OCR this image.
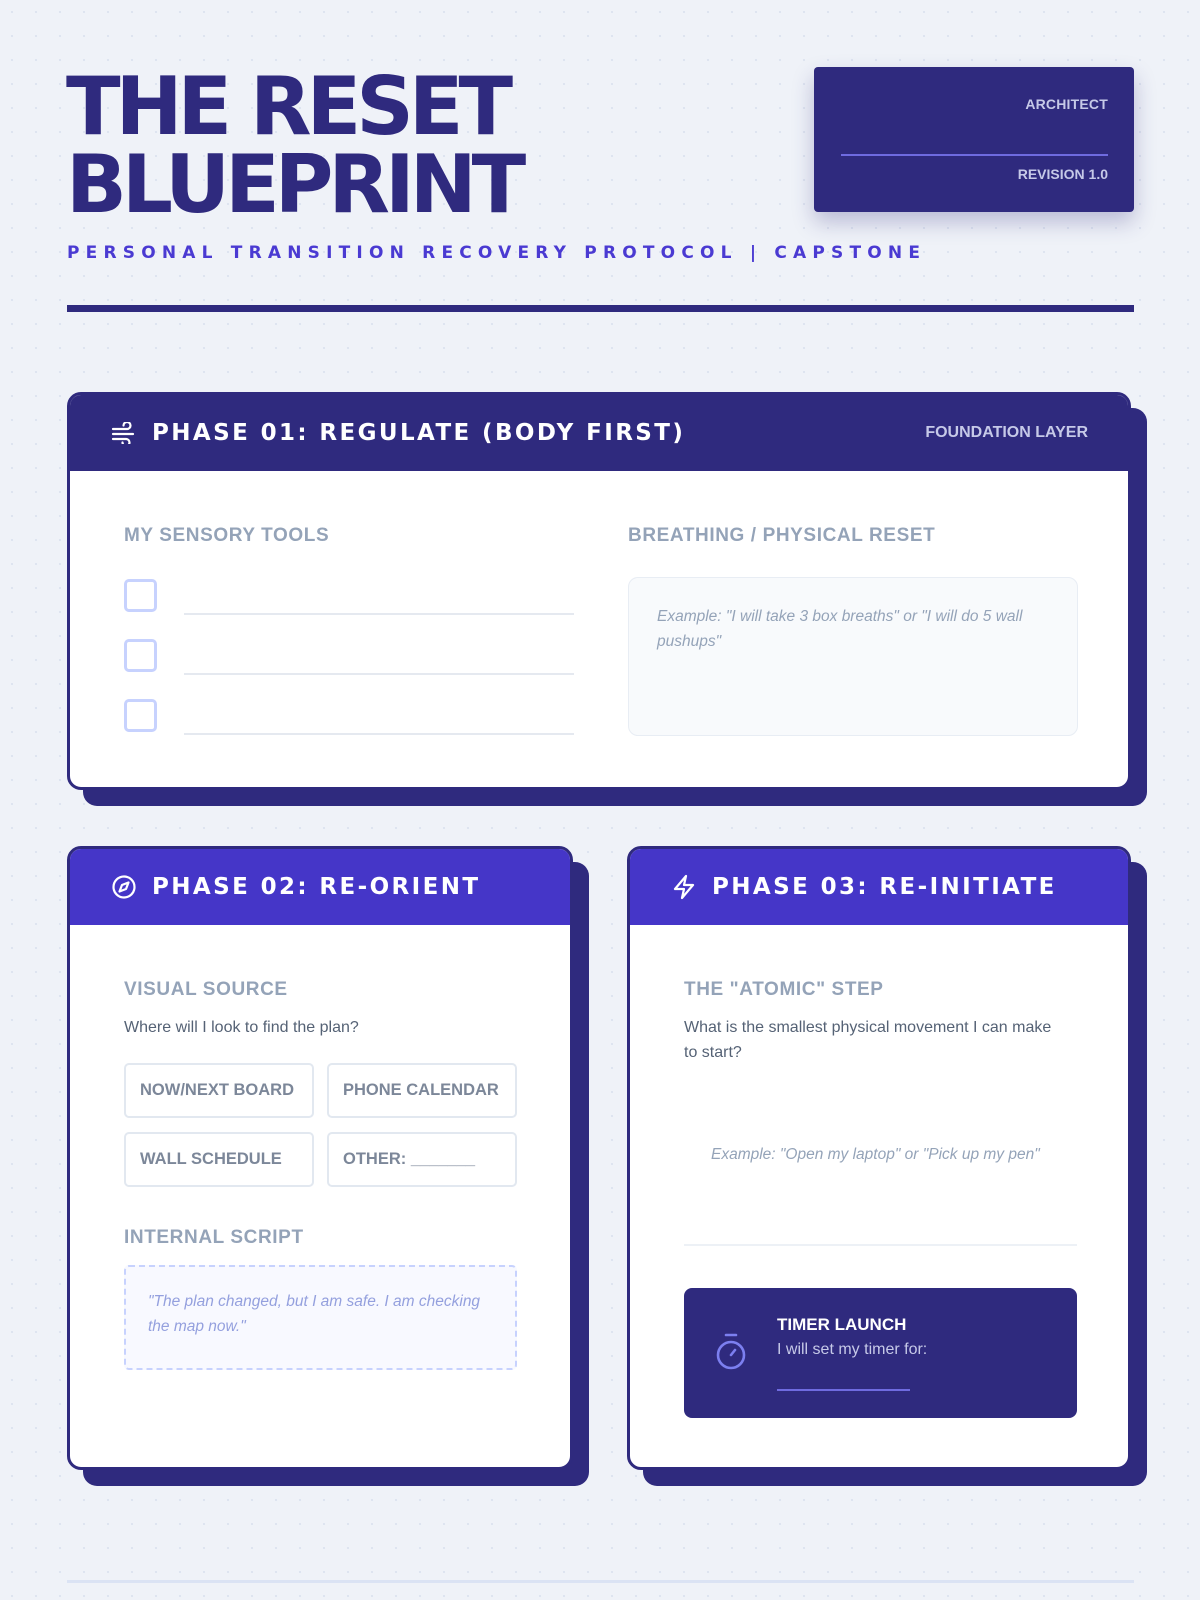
THE RESET
BLUEPRINT
PERSONAL TRANSITION RECOVERY PROTOCOL | CAPSTONE
ARCHITECT
REVISION 1.0
PHASE 01: REGULATE (BODY FIRST)	FOUNDATION LAYER
MY SENSORY TOOLS	BREATHING / PHYSICAL RESET
Example: "I will take 3 box breaths" or "I will do 5 wall pushups"
PHASE 02: RE-ORIENT
VISUAL SOURCE
Where will I look to find the plan?
NOW/NEXT BOARD	PHONE CALENDAR
WALL SCHEDULE	OTHER: _______
INTERNAL SCRIPT
"The plan changed, but I am safe. I am checking the map now."
PHASE 03: RE-INITIATE
THE "ATOMIC" STEP
What is the smallest physical movement I can make to start?
Example: "Open my laptop" or "Pick up my pen"
TIMER LAUNCH
I will set my timer for:
